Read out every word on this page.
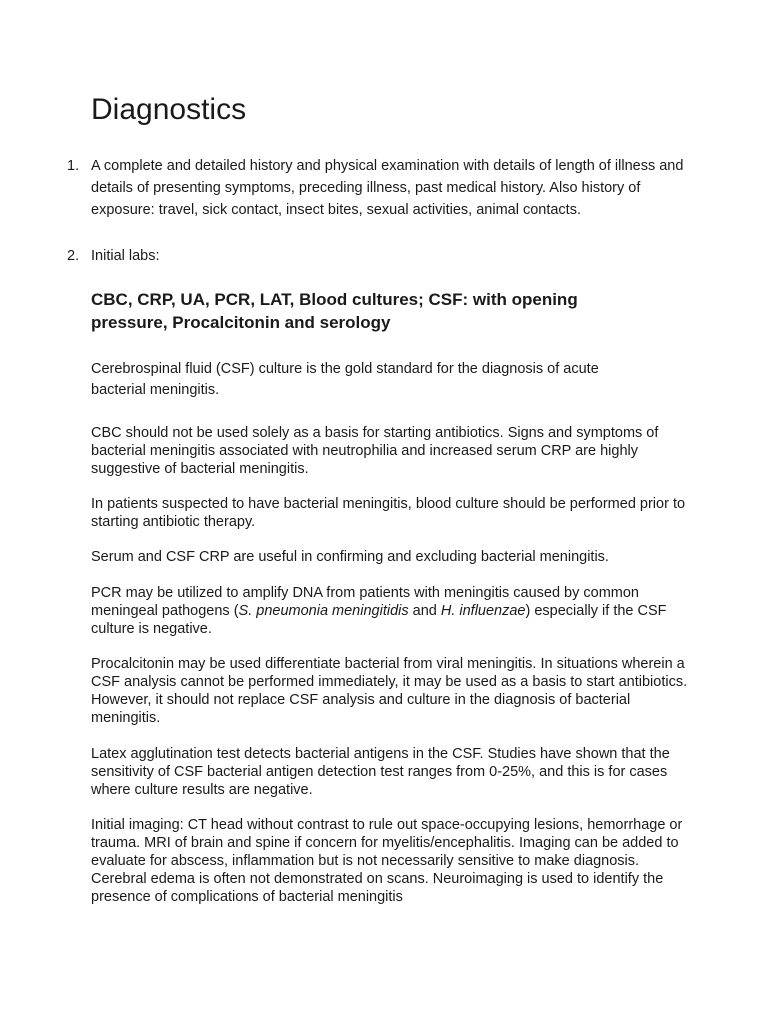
Diagnostics
1. A complete and detailed history and physical examination with details of length of illness and details of presenting symptoms, preceding illness, past medical history. Also history of exposure: travel, sick contact, insect bites, sexual activities, animal contacts.

2. Initial labs:

CBC, CRP, UA, PCR, LAT, Blood cultures; CSF: with opening pressure, Procalcitonin and serology

Cerebrospinal fluid (CSF) culture is the gold standard for the diagnosis of acute bacterial meningitis.

CBC should not be used solely as a basis for starting antibiotics. Signs and symptoms of bacterial meningitis associated with neutrophilia and increased serum CRP are highly suggestive of bacterial meningitis.

In patients suspected to have bacterial meningitis, blood culture should be performed prior to starting antibiotic therapy.

Serum and CSF CRP are useful in confirming and excluding bacterial meningitis.

PCR may be utilized to amplify DNA from patients with meningitis caused by common meningeal pathogens (S. pneumonia meningitidis and H. influenzae) especially if the CSF culture is negative.

Procalcitonin may be used differentiate bacterial from viral meningitis. In situations wherein a CSF analysis cannot be performed immediately, it may be used as a basis to start antibiotics. However, it should not replace CSF analysis and culture in the diagnosis of bacterial meningitis.

Latex agglutination test detects bacterial antigens in the CSF. Studies have shown that the sensitivity of CSF bacterial antigen detection test ranges from 0-25%, and this is for cases where culture results are negative.

Initial imaging: CT head without contrast to rule out space-occupying lesions, hemorrhage or trauma. MRI of brain and spine if concern for myelitis/encephalitis. Imaging can be added to evaluate for abscess, inflammation but is not necessarily sensitive to make diagnosis. Cerebral edema is often not demonstrated on scans. Neuroimaging is used to identify the presence of complications of bacterial meningitis
